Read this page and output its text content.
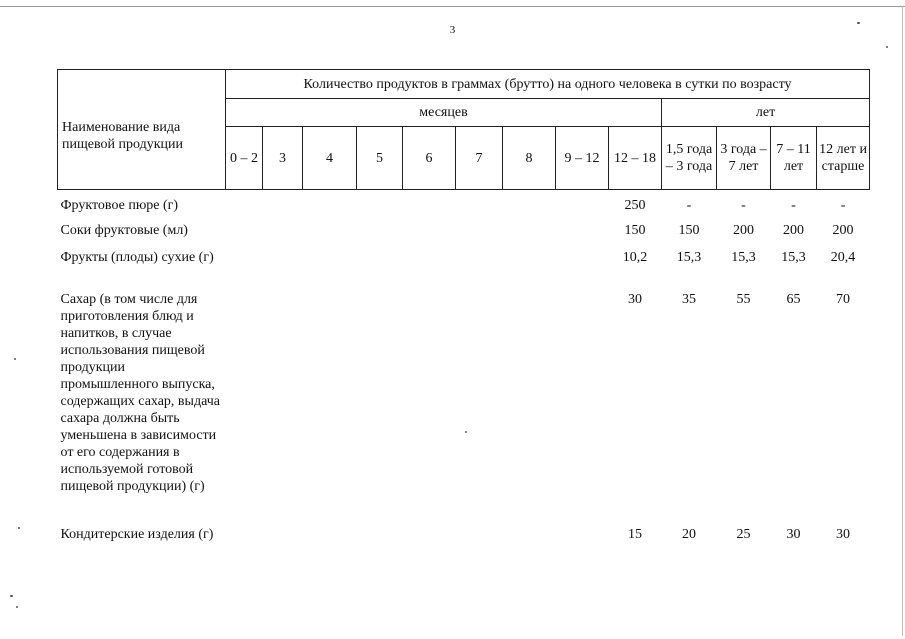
3
Наименование вида пищевой продукции	Количество продуктов в граммах (брутто) на одного человека в сутки по возрасту												
	месяцев									лет			
	0 – 2	3	4	5	6	7	8	9 – 12	12 – 18	1,5 года – 3 года	3 года – 7 лет	7 – 11 лет	12 лет и старше
Фруктовое пюре (г)									250	-	-	-	-
Соки фруктовые (мл)									150	150	200	200	200
Фрукты (плоды) сухие (г)									10,2	15,3	15,3	15,3	20,4
Сахар (в том числе для приготовления блюд и напитков, в случае использования пищевой продукции промышленного выпуска, содержащих сахар, выдача сахара должна быть уменьшена в зависимости от его содержания в используемой готовой пищевой продукции) (г)									30	35	55	65	70
Кондитерские изделия (г)									15	20	25	30	30
